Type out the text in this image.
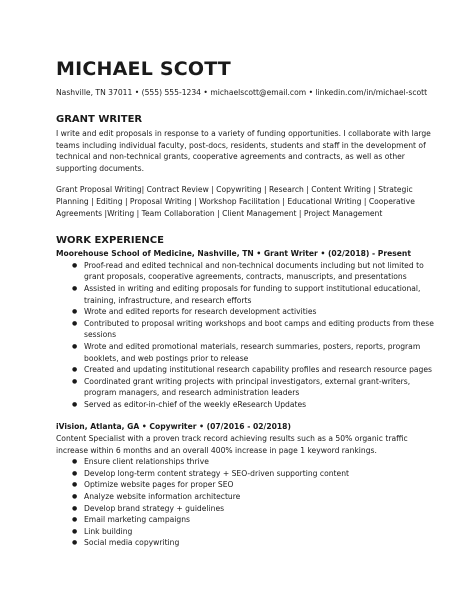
MICHAEL SCOTT
Nashville, TN 37011 • (555) 555-1234 • michaelscott@email.com • linkedin.com/in/michael-scott
GRANT WRITER

I write and edit proposals in response to a variety of funding opportunities. I collaborate with large teams including individual faculty, post-docs, residents, students and staff in the development of technical and non-technical grants, cooperative agreements and contracts, as well as other supporting documents.

Grant Proposal Writing| Contract Review | Copywriting | Research | Content Writing | Strategic Planning | Editing | Proposal Writing | Workshop Facilitation | Educational Writing | Cooperative Agreements |Writing | Team Collaboration | Client Management | Project Management

WORK EXPERIENCE
Moorehouse School of Medicine, Nashville, TN • Grant Writer • (02/2018) - Present
● Proof-read and edited technical and non-technical documents including but not limited to grant proposals, cooperative agreements, contracts, manuscripts, and presentations
● Assisted in writing and editing proposals for funding to support institutional educational, training, infrastructure, and research efforts
● Wrote and edited reports for research development activities
● Contributed to proposal writing workshops and boot camps and editing products from these sessions
● Wrote and edited promotional materials, research summaries, posters, reports, program booklets, and web postings prior to release
● Created and updating institutional research capability profiles and research resource pages
● Coordinated grant writing projects with principal investigators, external grant-writers, program managers, and research administration leaders
● Served as editor-in-chief of the weekly eResearch Updates
iVision, Atlanta, GA • Copywriter • (07/2016 - 02/2018)

Content Specialist with a proven track record achieving results such as a 50% organic traffic increase within 6 months and an overall 400% increase in page 1 keyword rankings.

● Ensure client relationships thrive
● Develop long-term content strategy + SEO-driven supporting content
● Optimize website pages for proper SEO
● Analyze website information architecture
● Develop brand strategy + guidelines
● Email marketing campaigns
● Link building
● Social media copywriting
